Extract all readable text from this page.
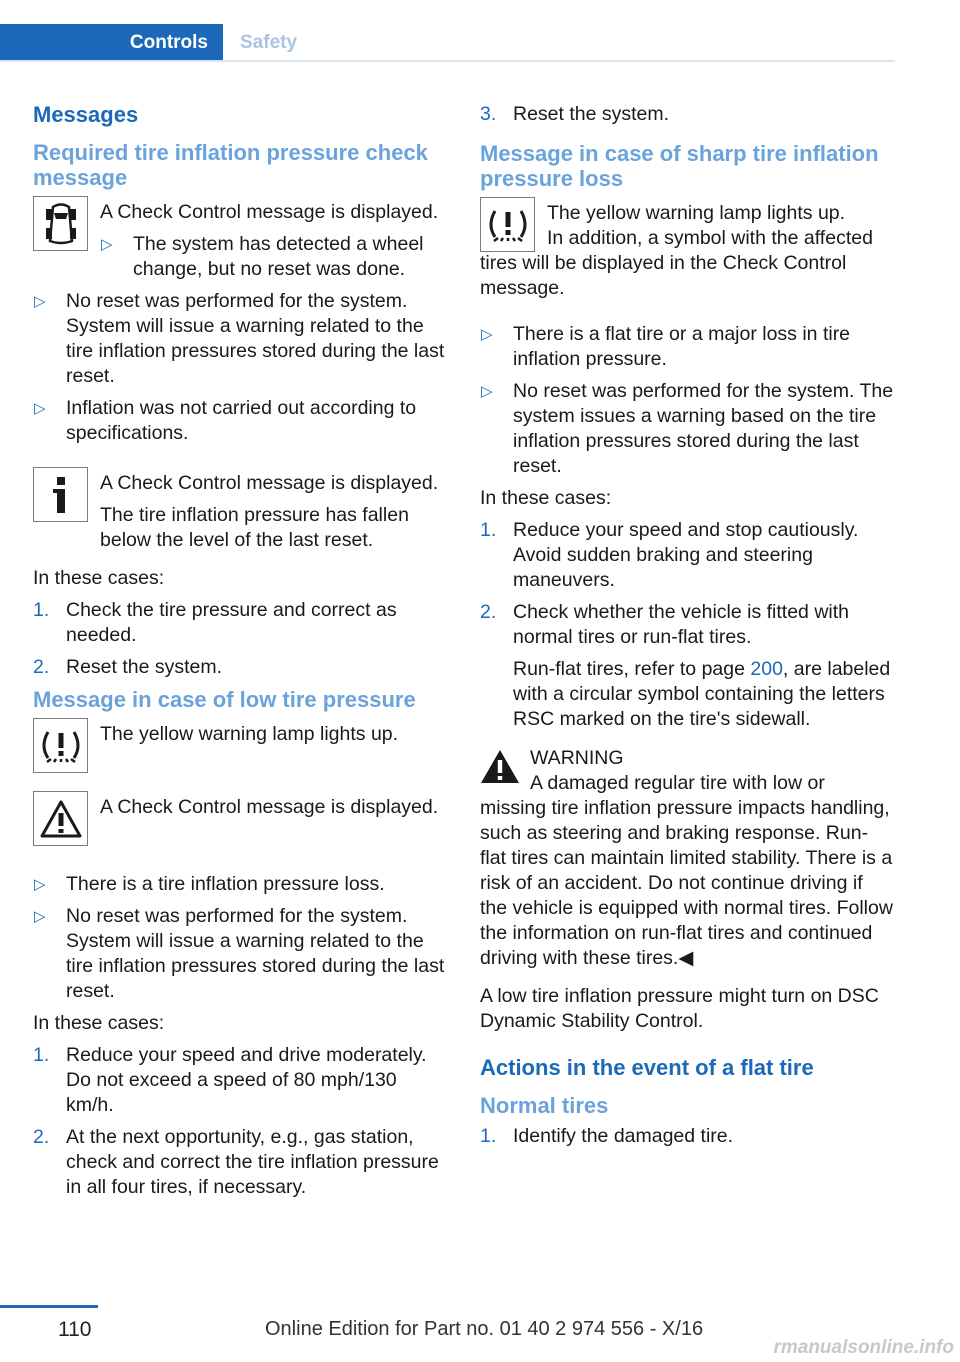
Controls	Safety
Messages
Required tire inflation pressure check message

A Check Control message is displayed.

▷ The system has detected a wheel change, but no reset was done.
▷ No reset was performed for the system. System will issue a warning related to the tire inflation pressures stored during the last reset.
▷ Inflation was not carried out according to specifications.

A Check Control message is displayed.

The tire inflation pressure has fallen below the level of the last reset.

In these cases:

1. Check the tire pressure and correct as needed.
2. Reset the system.
Message in case of low tire pressure

The yellow warning lamp lights up.

A Check Control message is displayed.

▷ There is a tire inflation pressure loss.
▷ No reset was performed for the system. System will issue a warning related to the tire inflation pressures stored during the last reset.

In these cases:

1. Reduce your speed and drive moderately. Do not exceed a speed of 80 mph/130 km/h.
2. At the next opportunity, e.g., gas station, check and correct the tire inflation pressure in all four tires, if necessary.
3. Reset the system.
Message in case of sharp tire inflation pressure loss

The yellow warning lamp lights up.

In addition, a symbol with the affected tires will be displayed in the Check Control message.

▷ There is a flat tire or a major loss in tire inflation pressure.
▷ No reset was performed for the system. The system issues a warning based on the tire inflation pressures stored during the last reset.

In these cases:

1. Reduce your speed and stop cautiously. Avoid sudden braking and steering maneuvers.
2. Check whether the vehicle is fitted with normal tires or run-flat tires.
Run-flat tires, refer to page 200, are labeled with a circular symbol containing the letters RSC marked on the tire's sidewall.

WARNING

A damaged regular tire with low or missing tire inflation pressure impacts handling, such as steering and braking response. Run-flat tires can maintain limited stability. There is a risk of an accident. Do not continue driving if the vehicle is equipped with normal tires. Follow the information on run-flat tires and continued driving with these tires.◀

A low tire inflation pressure might turn on DSC Dynamic Stability Control.

Actions in the event of a flat tire
Normal tires
1. Identify the damaged tire.
110	Online Edition for Part no. 01 40 2 974 556 - X/16
rmanualsonline.info
